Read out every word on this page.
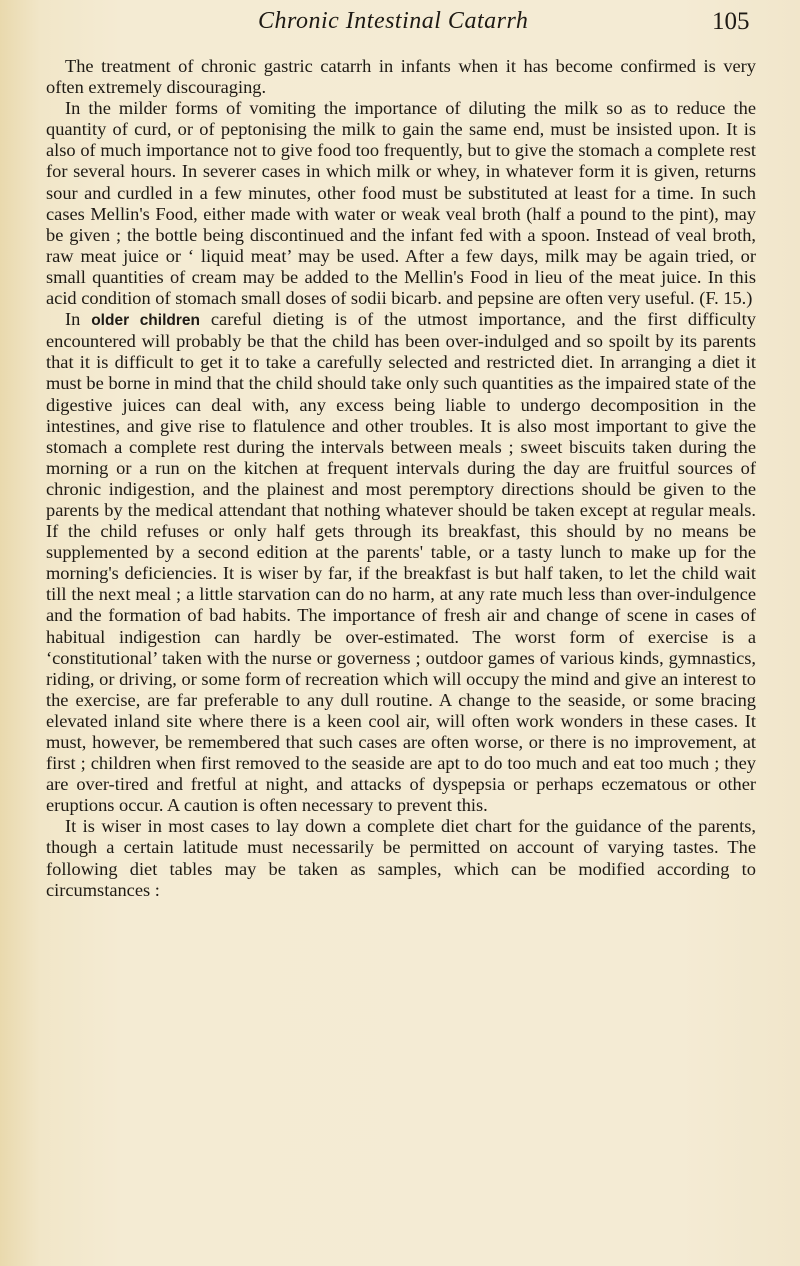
Chronic Intestinal Catarrh	105

The treatment of chronic gastric catarrh in infants when it has become confirmed is very often extremely discouraging.

In the milder forms of vomiting the importance of diluting the milk so as to reduce the quantity of curd, or of peptonising the milk to gain the same end, must be insisted upon. It is also of much importance not to give food too frequently, but to give the stomach a complete rest for several hours. In severer cases in which milk or whey, in whatever form it is given, returns sour and curdled in a few minutes, other food must be substituted at least for a time. In such cases Mellin's Food, either made with water or weak veal broth (half a pound to the pint), may be given ; the bottle being discontinued and the infant fed with a spoon. Instead of veal broth, raw meat juice or ‘ liquid meat’ may be used. After a few days, milk may be again tried, or small quantities of cream may be added to the Mellin's Food in lieu of the meat juice. In this acid condition of stomach small doses of sodii bicarb. and pepsine are often very useful. (F. 15.)

In older children careful dieting is of the utmost importance, and the first difficulty encountered will probably be that the child has been over-indulged and so spoilt by its parents that it is difficult to get it to take a carefully selected and restricted diet. In arranging a diet it must be borne in mind that the child should take only such quantities as the impaired state of the digestive juices can deal with, any excess being liable to undergo decomposition in the intestines, and give rise to flatulence and other troubles. It is also most important to give the stomach a complete rest during the intervals between meals ; sweet biscuits taken during the morning or a run on the kitchen at frequent intervals during the day are fruitful sources of chronic indigestion, and the plainest and most peremptory directions should be given to the parents by the medical attendant that nothing whatever should be taken except at regular meals. If the child refuses or only half gets through its breakfast, this should by no means be supplemented by a second edition at the parents' table, or a tasty lunch to make up for the morning's deficiencies. It is wiser by far, if the breakfast is but half taken, to let the child wait till the next meal ; a little starvation can do no harm, at any rate much less than over-indulgence and the formation of bad habits. The importance of fresh air and change of scene in cases of habitual indigestion can hardly be over-estimated. The worst form of exercise is a ‘constitutional’ taken with the nurse or governess ; outdoor games of various kinds, gymnastics, riding, or driving, or some form of recreation which will occupy the mind and give an interest to the exercise, are far preferable to any dull routine. A change to the seaside, or some bracing elevated inland site where there is a keen cool air, will often work wonders in these cases. It must, however, be remembered that such cases are often worse, or there is no improvement, at first ; children when first removed to the seaside are apt to do too much and eat too much ; they are over-tired and fretful at night, and attacks of dyspepsia or perhaps eczematous or other eruptions occur. A caution is often necessary to prevent this.

It is wiser in most cases to lay down a complete diet chart for the guidance of the parents, though a certain latitude must necessarily be permitted on account of varying tastes. The following diet tables may be taken as samples, which can be modified according to circumstances :
